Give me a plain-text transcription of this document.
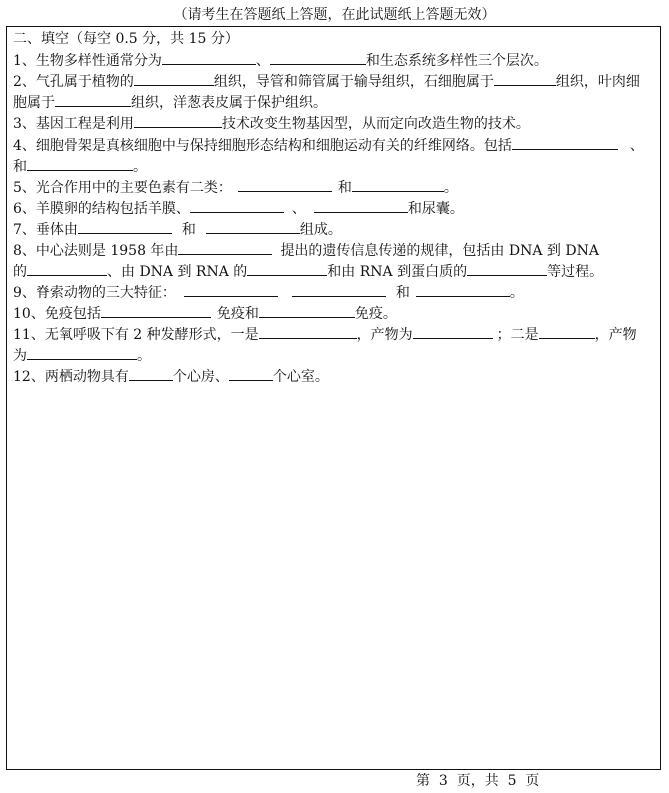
（请考生在答题纸上答题，在此试题纸上答题无效）
二、填空（每空 0.5 分，共 15 分）
1、生物多样性通常分为	、	和生态系统多样性三个层次。
2、气孔属于植物的	组织，导管和筛管属于输导组织，石细胞属于	组织，叶肉细
胞属于	组织，洋葱表皮属于保护组织。
3、基因工程是利用	技术改变生物基因型，从而定向改造生物的技术。
4、细胞骨架是真核细胞中与保持细胞形态结构和细胞运动有关的纤维网络。包括	、
和	。
5、光合作用中的主要色素有二类：	和	。
6、羊膜卵的结构包括羊膜、	、	和尿囊。
7、垂体由	和	组成。
8、中心法则是 1958 年由	提出的遗传信息传递的规律，包括由 DNA 到 DNA
的	、由 DNA 到 RNA 的	和由 RNA 到蛋白质的	等过程。
9、脊索动物的三大特征：	和	。
10、免疫包括	免疫和	免疫。
11、无氧呼吸下有 2 种发酵形式，一是	，产物为	；二是	，产物
为	。
12、两栖动物具有	个心房、	个心室。
第  3  页，共  5  页
